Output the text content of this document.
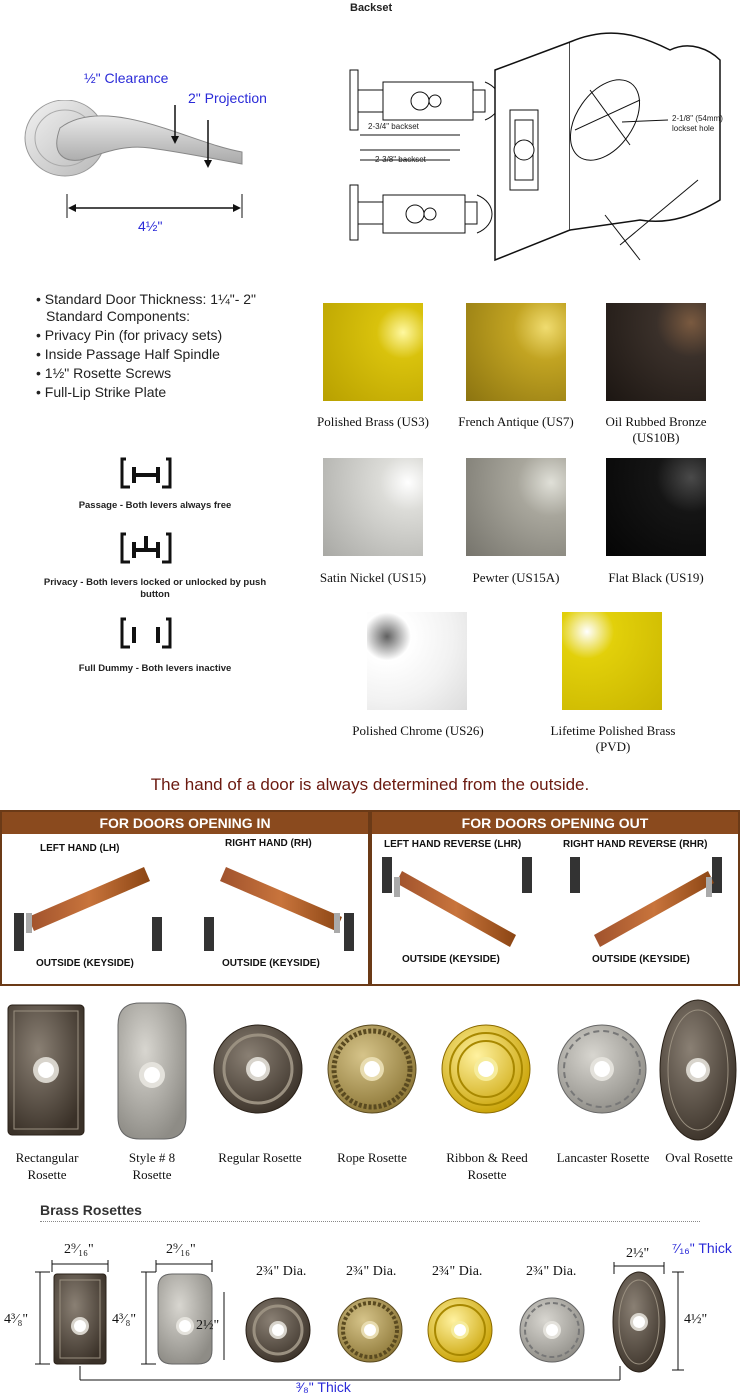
Backset
½" Clearance
2" Projection
4½"
2-3/4" backset
2-3/8" backset
2-1/8" (54mm)
lockset hole
• Standard Door Thickness: 1¼"- 2"
Standard Components:
• Privacy Pin (for privacy sets)
• Inside Passage Half Spindle
• 1½" Rosette Screws
• Full-Lip Strike Plate
Passage - Both levers always free
Privacy - Both levers locked or unlocked by push button
Full Dummy - Both levers inactive
Polished Brass (US3)	French Antique (US7)	Oil Rubbed Bronze (US10B)
Satin Nickel (US15)	Pewter (US15A)	Flat Black (US19)
Polished Chrome (US26)	Lifetime Polished Brass (PVD)
The hand of a door is always determined from the outside.
FOR DOORS OPENING IN	FOR DOORS OPENING OUT
LEFT HAND (LH)	RIGHT HAND (RH)	LEFT HAND REVERSE (LHR)	RIGHT HAND REVERSE (RHR)
OUTSIDE (KEYSIDE)	OUTSIDE (KEYSIDE)	OUTSIDE (KEYSIDE)	OUTSIDE (KEYSIDE)
Rectangular Rosette
Style # 8 Rosette
Regular Rosette	Rope Rosette	Ribbon & Reed Rosette
Lancaster Rosette	Oval Rosette
Brass Rosettes
2⁹⁄₁₆"
4³⁄₈"
2⁹⁄₁₆"
4³⁄₈"	2½"
2¾" Dia.	2¾" Dia.	2¾" Dia.	2¾" Dia.
2½"
4½"
⁷⁄₁₆" Thick
³⁄₈" Thick
